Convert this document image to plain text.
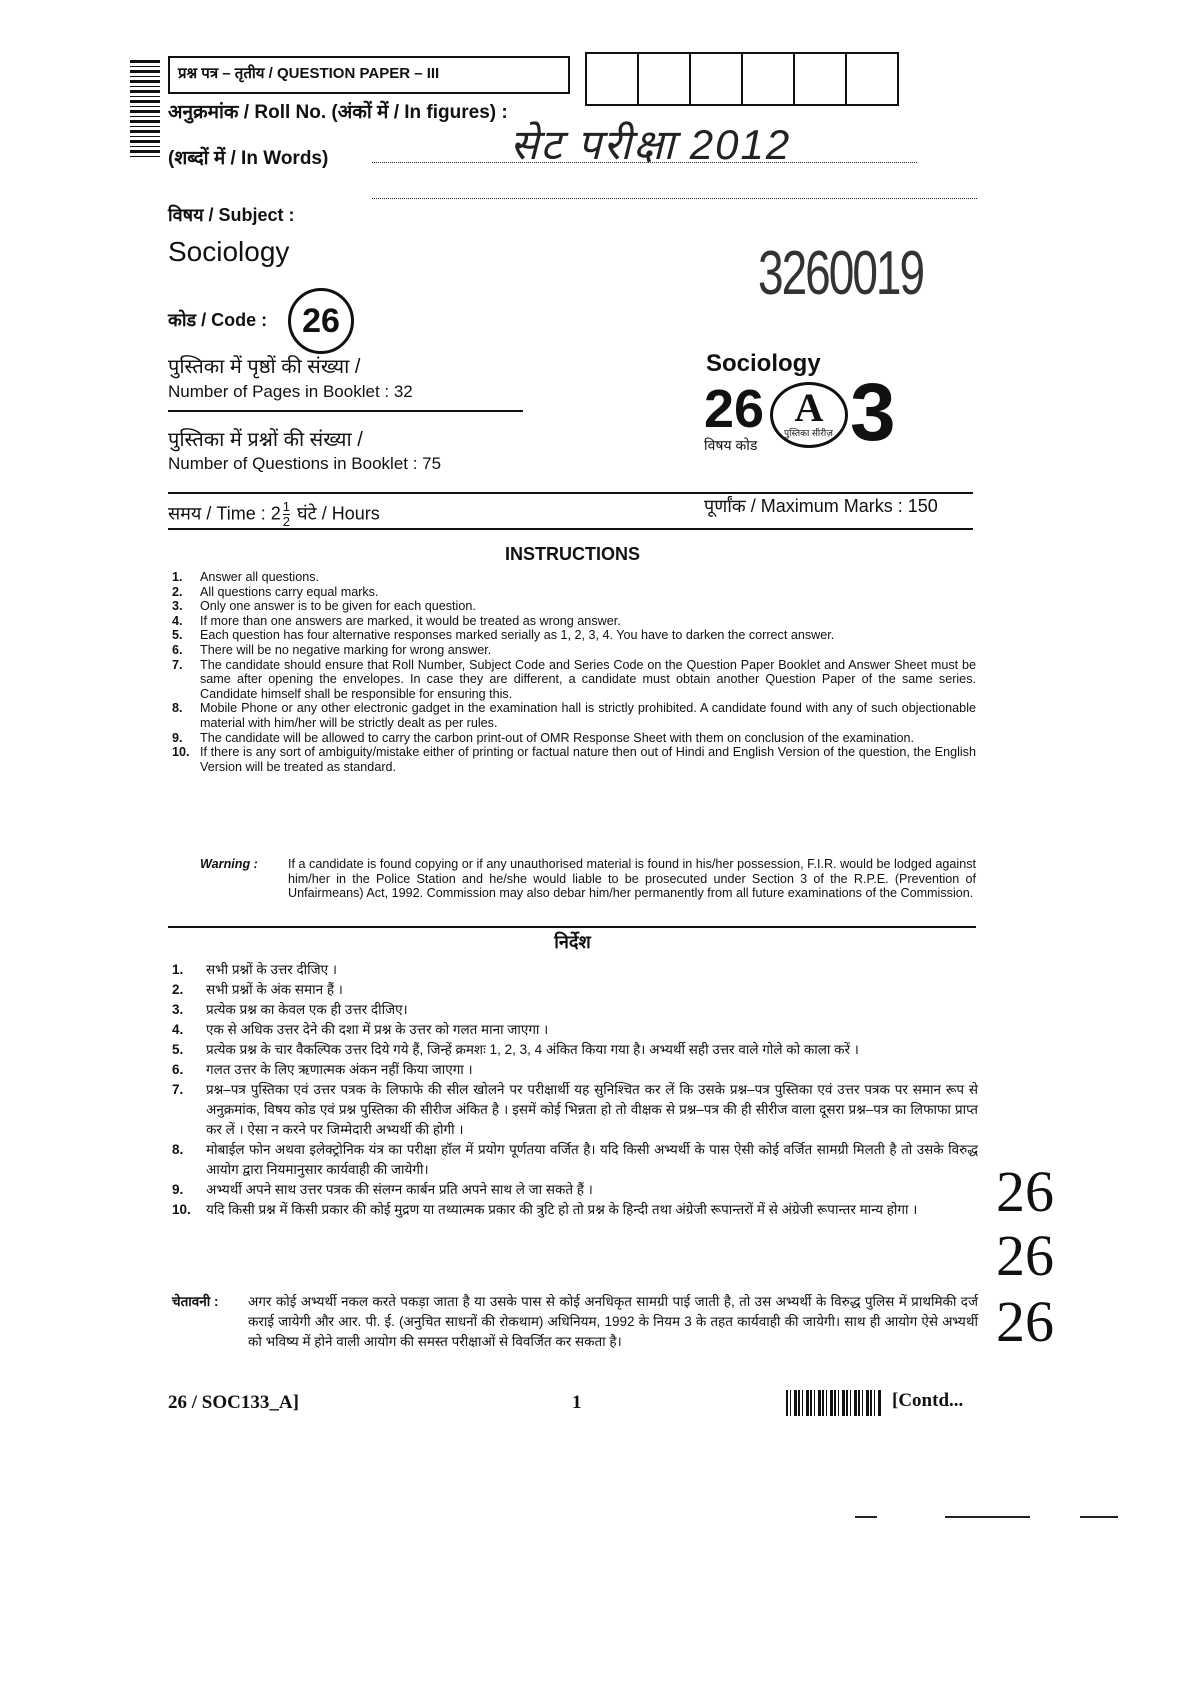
प्रश्न पत्र – तृतीय / QUESTION PAPER – III
अनुक्रमांक / Roll No. (अंकों में / In figures) :
(शब्दों में / In Words)	सेट परीक्षा 2012
विषय / Subject :
Sociology	3260019
कोड / Code : 26
पुस्तिका में पृष्ठों की संख्या /
Number of Pages in Booklet : 32
पुस्तिका में प्रश्नों की संख्या /
Number of Questions in Booklet : 75
Sociology
26 A
पुस्तिका सीरीज़
विषय कोड 3
समय / Time : $2 \frac{1}{2}$ घंटे / Hours	पूर्णांक / Maximum Marks : 150
INSTRUCTIONS
1. Answer all questions.
2. All questions carry equal marks.
3. Only one answer is to be given for each question.
4. If more than one answers are marked, it would be treated as wrong answer.
5. Each question has four alternative responses marked serially as 1, 2, 3, 4. You have to darken the correct answer.
6. There will be no negative marking for wrong answer.
7. The candidate should ensure that Roll Number, Subject Code and Series Code on the Question Paper Booklet and Answer Sheet must be same after opening the envelopes. In case they are different, a candidate must obtain another Question Paper of the same series. Candidate himself shall be responsible for ensuring this.
8. Mobile Phone or any other electronic gadget in the examination hall is strictly prohibited. A candidate found with any of such objectionable material with him/her will be strictly dealt as per rules.
9. The candidate will be allowed to carry the carbon print-out of OMR Response Sheet with them on conclusion of the examination.
10. If there is any sort of ambiguity/mistake either of printing or factual nature then out of Hindi and English Version of the question, the English Version will be treated as standard.
Warning : If a candidate is found copying or if any unauthorised material is found in his/her possession, F.I.R. would be lodged against him/her in the Police Station and he/she would liable to be prosecuted under Section 3 of the R.P.E. (Prevention of Unfairmeans) Act, 1992. Commission may also debar him/her permanently from all future examinations of the Commission.
निर्देश
1. सभी प्रश्नों के उत्तर दीजिए ।
2. सभी प्रश्नों के अंक समान हैं ।
3. प्रत्येक प्रश्न का केवल एक ही उत्तर दीजिए।
4. एक से अधिक उत्तर देने की दशा में प्रश्न के उत्तर को गलत माना जाएगा ।
5. प्रत्येक प्रश्न के चार वैकल्पिक उत्तर दिये गये हैं, जिन्हें क्रमशः 1, 2, 3, 4 अंकित किया गया है। अभ्यर्थी सही उत्तर वाले गोले को काला करें ।
6. गलत उत्तर के लिए ऋणात्मक अंकन नहीं किया जाएगा ।
7. प्रश्न–पत्र पुस्तिका एवं उत्तर पत्रक के लिफाफे की सील खोलने पर परीक्षार्थी यह सुनिश्चित कर लें कि उसके प्रश्न–पत्र पुस्तिका एवं उत्तर पत्रक पर समान रूप से अनुक्रमांक, विषय कोड एवं प्रश्न पुस्तिका की सीरीज अंकित है । इसमें कोई भिन्नता हो तो वीक्षक से प्रश्न–पत्र की ही सीरीज वाला दूसरा प्रश्न–पत्र का लिफाफा प्राप्त कर लें । ऐसा न करने पर जिम्मेदारी अभ्यर्थी की होगी ।
8. मोबाईल फोन अथवा इलेक्ट्रोनिक यंत्र का परीक्षा हॉल में प्रयोग पूर्णतया वर्जित है। यदि किसी अभ्यर्थी के पास ऐसी कोई वर्जित सामग्री मिलती है तो उसके विरुद्ध आयोग द्वारा नियमानुसार कार्यवाही की जायेगी।
9. अभ्यर्थी अपने साथ उत्तर पत्रक की संलग्न कार्बन प्रति अपने साथ ले जा सकते हैं ।
10. यदि किसी प्रश्न में किसी प्रकार की कोई मुद्रण या तथ्यात्मक प्रकार की त्रुटि हो तो प्रश्न के हिन्दी तथा अंग्रेजी रूपान्तरों में से अंग्रेजी रूपान्तर मान्य होगा ।
चेतावनी : अगर कोई अभ्यर्थी नकल करते पकड़ा जाता है या उसके पास से कोई अनधिकृत सामग्री पाई जाती है, तो उस अभ्यर्थी के विरुद्ध पुलिस में प्राथमिकी दर्ज कराई जायेगी और आर. पी. ई. (अनुचित साधनों की रोकथाम) अधिनियम, 1992 के नियम 3 के तहत कार्यवाही की जायेगी। साथ ही आयोग ऐसे अभ्यर्थी को भविष्य में होने वाली आयोग की समस्त परीक्षाओं से विवर्जित कर सकता है।
26
26
26
26 / SOC133_A]	1	[Contd...
